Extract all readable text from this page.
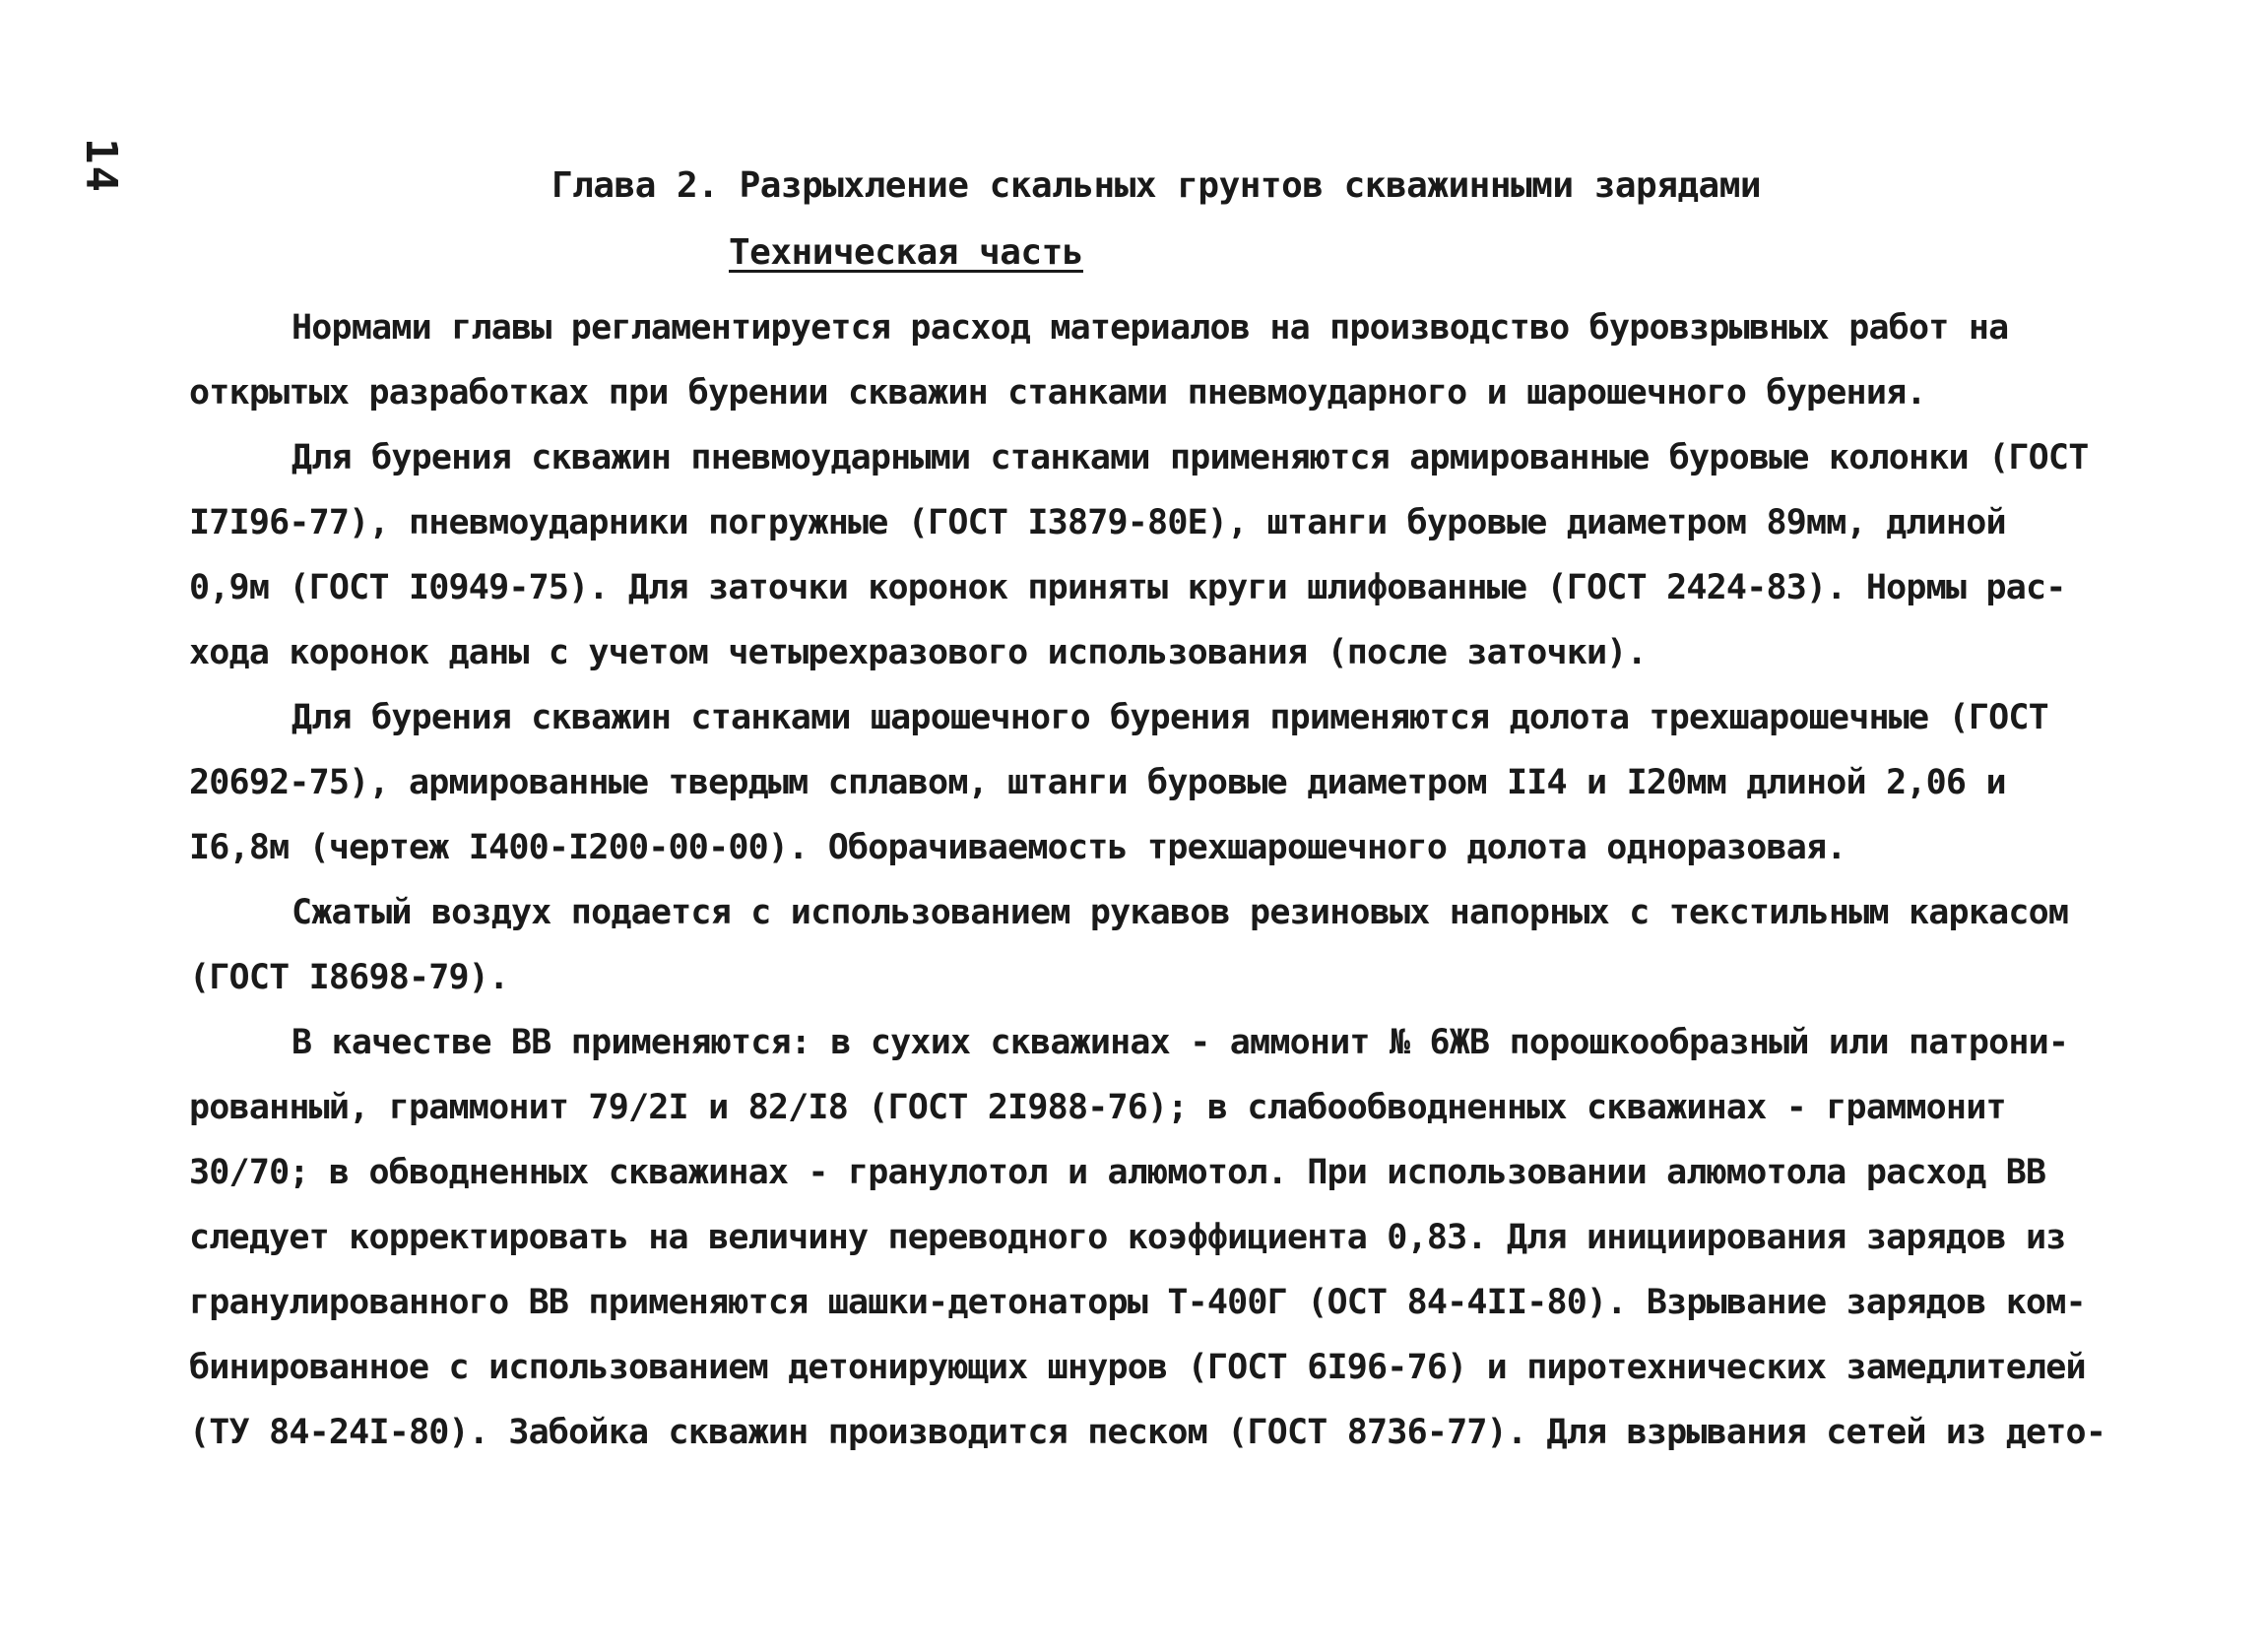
14	Глава 2. Разрыхление скальных грунтов скважинными зарядами
Техническая часть
Нормами главы регламентируется расход материалов на производство буровзрывных работ на
открытых разработках при бурении скважин станками пневмоударного и шарошечного бурения.
Для бурения скважин пневмоударными станками применяются армированные буровые колонки (ГОСТ
I7I96-77), пневмоударники погружные (ГОСТ I3879-80Е), штанги буровые диаметром 89мм, длиной
0,9м (ГОСТ I0949-75). Для заточки коронок приняты круги шлифованные (ГОСТ 2424-83). Нормы рас-
хода коронок даны с учетом четырехразового использования (после заточки).
Для бурения скважин станками шарошечного бурения применяются долота трехшарошечные (ГОСТ
20692-75), армированные твердым сплавом, штанги буровые диаметром II4 и I20мм длиной 2,06 и
I6,8м (чертеж I400-I200-00-00). Оборачиваемость трехшарошечного долота одноразовая.
Сжатый воздух подается с использованием рукавов резиновых напорных с текстильным каркасом
(ГОСТ I8698-79).
В качестве ВВ применяются: в сухих скважинах - аммонит № 6ЖВ порошкообразный или патрони-
рованный, граммонит 79/2I и 82/I8 (ГОСТ 2I988-76); в слабообводненных скважинах - граммонит
30/70; в обводненных скважинах - гранулотол и алюмотол. При использовании алюмотола расход ВВ
следует корректировать на величину переводного коэффициента 0,83. Для инициирования зарядов из
гранулированного ВВ применяются шашки-детонаторы Т-400Г (ОСТ 84-4II-80). Взрывание зарядов ком-
бинированное с использованием детонирующих шнуров (ГОСТ 6I96-76) и пиротехнических замедлителей
(ТУ 84-24I-80). Забойка скважин производится песком (ГОСТ 8736-77). Для взрывания сетей из дето-
